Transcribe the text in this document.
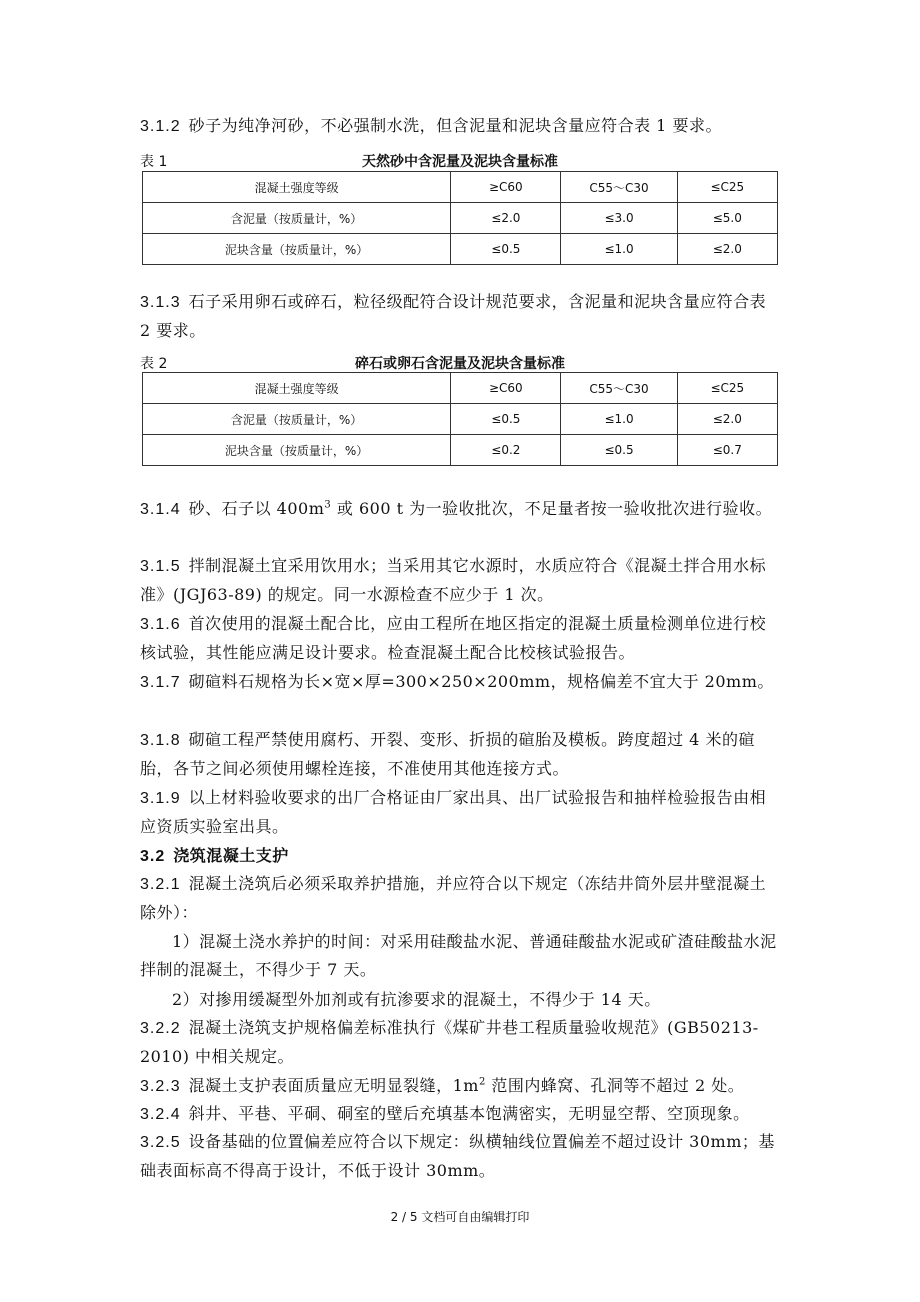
3.1.2 砂子为纯净河砂，不必强制水洗，但含泥量和泥块含量应符合表 1 要求。

表 1	天然砂中含泥量及泥块含量标准
混凝土强度等级	≥C60	C55～C30	≤C25
含泥量（按质量计，%）	≤2.0	≤3.0	≤5.0
泥块含量（按质量计，%）	≤0.5	≤1.0	≤2.0

3.1.3 石子采用卵石或碎石，粒径级配符合设计规范要求，含泥量和泥块含量应符合表 2 要求。

表 2	碎石或卵石含泥量及泥块含量标准
混凝土强度等级	≥C60	C55～C30	≤C25
含泥量（按质量计，%）	≤0.5	≤1.0	≤2.0
泥块含量（按质量计，%）	≤0.2	≤0.5	≤0.7

3.1.4 砂、石子以 $400m^3$ 或 600 t 为一验收批次，不足量者按一验收批次进行验收。

3.1.5 拌制混凝土宜采用饮用水；当采用其它水源时，水质应符合《混凝土拌合用水标准》(JGJ63-89) 的规定。同一水源检查不应少于 1 次。

3.1.6 首次使用的混凝土配合比，应由工程所在地区指定的混凝土质量检测单位进行校核试验，其性能应满足设计要求。检查混凝土配合比校核试验报告。

3.1.7 砌碹料石规格为长×宽×厚=300×250×200mm，规格偏差不宜大于 20mm。

3.1.8 砌碹工程严禁使用腐朽、开裂、变形、折损的碹胎及模板。跨度超过 4 米的碹胎，各节之间必须使用螺栓连接，不准使用其他连接方式。

3.1.9 以上材料验收要求的出厂合格证由厂家出具、出厂试验报告和抽样检验报告由相应资质实验室出具。

3.2 浇筑混凝土支护

3.2.1 混凝土浇筑后必须采取养护措施，并应符合以下规定（冻结井筒外层井壁混凝土除外）：

1）混凝土浇水养护的时间：对采用硅酸盐水泥、普通硅酸盐水泥或矿渣硅酸盐水泥拌制的混凝土，不得少于 7 天。

2）对掺用缓凝型外加剂或有抗渗要求的混凝土，不得少于 14 天。

3.2.2 混凝土浇筑支护规格偏差标准执行《煤矿井巷工程质量验收规范》(GB50213-2010) 中相关规定。

3.2.3 混凝土支护表面质量应无明显裂缝，$1m^2$ 范围内蜂窝、孔洞等不超过 2 处。

3.2.4 斜井、平巷、平硐、硐室的壁后充填基本饱满密实，无明显空帮、空顶现象。

3.2.5 设备基础的位置偏差应符合以下规定：纵横轴线位置偏差不超过设计 30mm；基础表面标高不得高于设计，不低于设计 30mm。

2 / 5 文档可自由编辑打印
